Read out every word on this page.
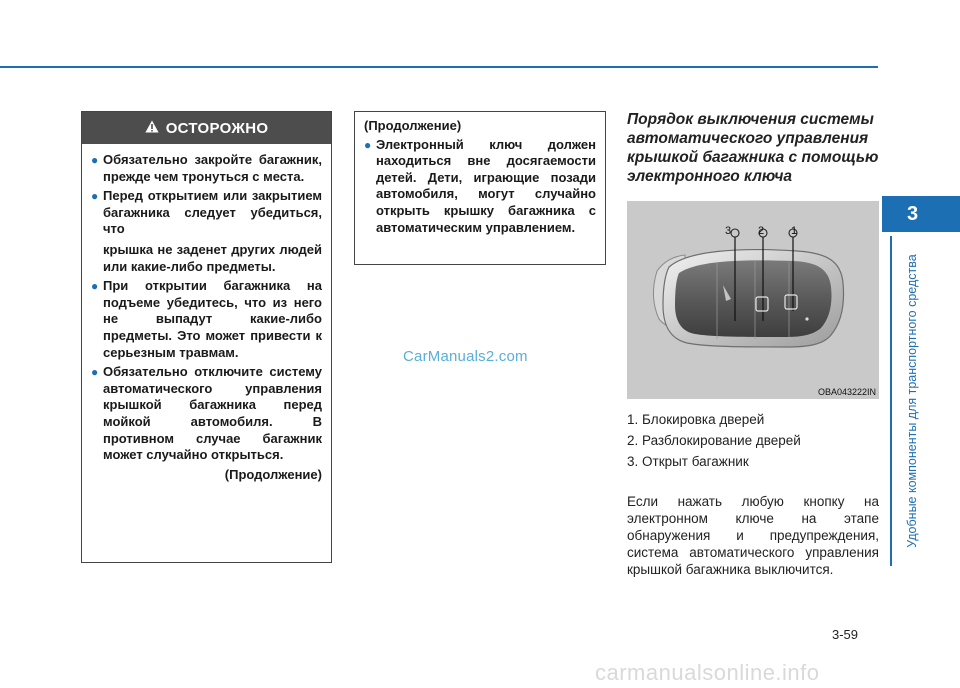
3
Удобные компоненты для транспортного средства
ОСТОРОЖНО
● Обязательно закройте багажник, прежде чем тронуться с места.
● Перед открытием или закрытием багажника следует убедиться, что
крышка не заденет других людей или какие-либо предметы.
● При открытии багажника на подъеме убедитесь, что из него не выпадут какие-либо предметы. Это может привести к серьезным травмам.
● Обязательно отключите систему автоматического управления крышкой багажника перед мойкой автомобиля. В противном случае багажник может случайно открыться.
(Продолжение)
(Продолжение)
● Электронный ключ должен находиться вне досягаемости детей. Дети, играющие позади автомобиля, могут случайно открыть крышку багажника с автоматическим управлением.
CarManuals2.com
Порядок выключения системы автоматического управления крышкой багажника с помощью электронного ключа
3 2 1
OBA043222IN
1. Блокировка дверей
2. Разблокирование дверей
3. Открыт багажник
Если нажать любую кнопку на электронном ключе на этапе обнаружения и предупреждения, система автоматического управления крышкой багажника выключится.
3-59
carmanualsonline.info
